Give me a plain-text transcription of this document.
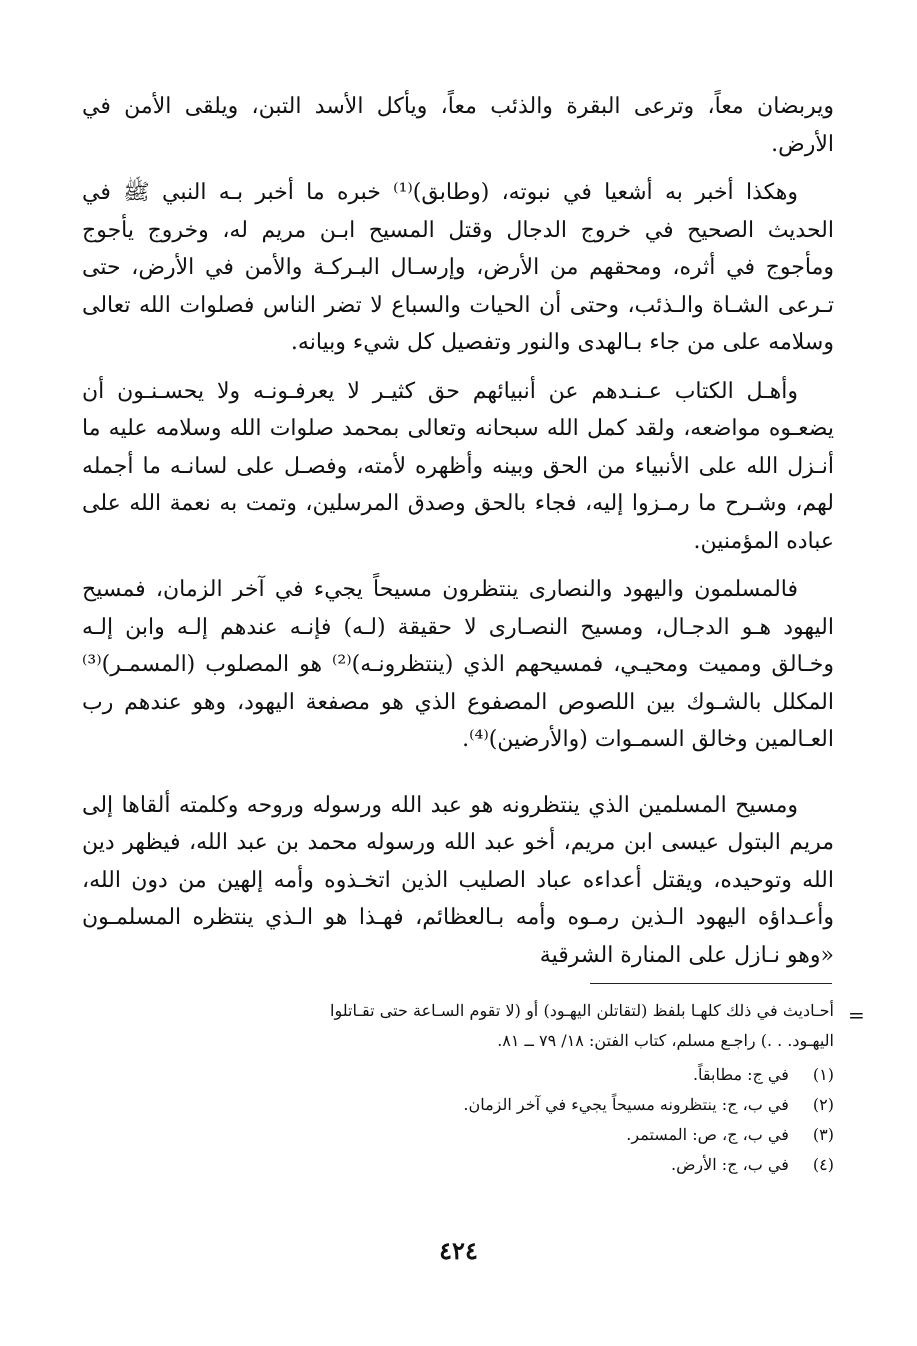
ويربضان معاً، وترعى البقرة والذئب معاً، ويأكل الأسد التبن، ويلقى الأمن في الأرض.

وهكذا أخبر به أشعيا في نبوته، (وطابق)⁽¹⁾ خبره ما أخبر بـه النبي ﷺ في الحديث الصحيح في خروج الدجال وقتل المسيح ابـن مريم له، وخروج يأجوج ومأجوج في أثره، ومحقهم من الأرض، وإرسـال البـركـة والأمن في الأرض، حتى تـرعى الشـاة والـذئب، وحتى أن الحيات والسباع لا تضر الناس فصلوات الله تعالى وسلامه على من جاء بـالهدى والنور وتفصيل كل شيء وبيانه.

وأهـل الكتاب عـنـدهم عن أنبيائهم حق كثيـر لا يعرفـونـه ولا يحسـنـون أن يضعـوه مواضعه، ولقد كمل الله سبحانه وتعالى بمحمد صلوات الله وسلامه عليه ما أنـزل الله على الأنبياء من الحق وبينه وأظهره لأمته، وفصـل على لسانـه ما أجمله لهم، وشـرح ما رمـزوا إليه، فجاء بالحق وصدق المرسلين، وتمت به نعمة الله على عباده المؤمنين.

فالمسلمون واليهود والنصارى ينتظرون مسيحاً يجيء في آخر الزمان، فمسيح اليهود هـو الدجـال، ومسيح النصـارى لا حقيقة (لـه) فإنـه عندهم إلـه وابن إلـه وخـالق ومميت ومحيـي، فمسيحهم الذي (ينتظرونـه)⁽²⁾ هو المصلوب (المسمـر)⁽³⁾ المكلل بالشـوك بين اللصوص المصفوع الذي هو مصفعة اليهود، وهو عندهم رب العـالمين وخالق السمـوات (والأرضين)⁽⁴⁾.

ومسيح المسلمين الذي ينتظرونه هو عبد الله ورسوله وروحه وكلمته ألقاها إلى مريم البتول عيسى ابن مريم، أخو عبد الله ورسوله محمد بن عبد الله، فيظهر دين الله وتوحيده، ويقتل أعداءه عباد الصليب الذين اتخـذوه وأمه إلهين من دون الله، وأعـداؤه اليهود الـذين رمـوه وأمه بـالعظائم، فهـذا هو الـذي ينتظره المسلمـون «وهو نـازل على المنارة الشرقية

=
أحـاديث في ذلك كلهـا بلفظ (لتقاتلن اليهـود) أو (لا تقوم السـاعة حتى تقـاتلوا اليهـود. . .) راجـع مسلم، كتاب الفتن: ١٨/ ٧٩ ــ ٨١.
(١) في ج: مطابقاً.
(٢) في ب، ج: ينتظرونه مسيحاً يجيء في آخر الزمان.
(٣) في ب، ج، ص: المستمر.
(٤) في ب، ج: الأرض.
٤٢٤
